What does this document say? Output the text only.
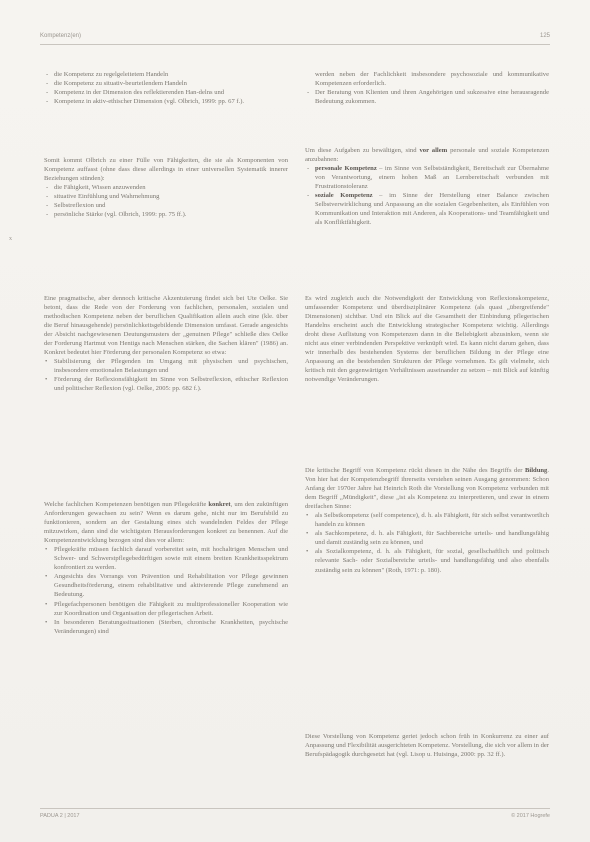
Kompetenz(en)	125
x
- die Kompetenz zu regelgeleitetem Handeln
- die Kompetenz zu situativ-beurteilendem Handeln
- Kompetenz in der Dimension des reflektierenden Han-delns und
- Kompetenz in aktiv-ethischer Dimension (vgl. Olbrich, 1999: pp. 67 f.).

Somit kommt Olbrich zu einer Fülle von Fähigkeiten, die sie als Komponenten von Kompetenz auffasst (ohne dass diese allerdings in einer universellen Systematik innerer Beziehungen stünden):

- die Fähigkeit, Wissen anzuwenden
- situative Einfühlung und Wahrnehmung
- Selbstreflexion und
- persönliche Stärke (vgl. Olbrich, 1999: pp. 75 ff.).

Eine pragmatische, aber dennoch kritische Akzentuierung findet sich bei Ute Oelke. Sie betont, dass die Rede von der Forderung von fachlichen, personalen, sozialen und methodischen Kompetenz neben der beruflichen Qualifikation allein auch eine (kle. über die Beruf hinausgehende) persönlichkeitsgebildende Dimension umfasst. Gerade angesichts der Absicht nachgewiesenen Deutungsmusters der „genuinen Pflege" schließe dies Oelke der Forderung Hartmut von Hentigs nach Menschen stärken, die Sachen klären" (1986) an. Konkret bedeutet hier Förderung der personalen Kompetenz so etwa:

• Stabilisierung der Pflegenden im Umgang mit physischen und psychischen, insbesondere emotionalen Belastungen und
• Förderung der Reflexionsfähigkeit im Sinne von Selbstreflexion, ethischer Reflexion und politischer Reflexion (vgl. Oelke, 2005: pp. 682 f.).

Welche fachlichen Kompetenzen benötigen nun Pflegekräfte konkret, um den zukünftigen Anforderungen gewachsen zu sein? Wenn es darum gehe, nicht nur im Berufsbild zu funktionieren, sondern an der Gestaltung eines sich wandelnden Feldes der Pflege mitzuwirken, dann sind die wichtigsten Herausforderungen konkret zu benennen. Auf die Kompetenzentwicklung bezogen sind dies vor allem:

• Pflegekräfte müssen fachlich darauf vorbereitet sein, mit hochaltrigen Menschen und Schwer- und Schwerstpflegebedürftigen sowie mit einem breiten Krankheitsspektrum konfrontiert zu werden.
• Angesichts des Vorrangs von Prävention und Rehabilitation vor Pflege gewinnen Gesundheitsförderung, einem rehabilitative und aktivierende Pflege zunehmend an Bedeutung.
• Pflegefachpersonen benötigen die Fähigkeit zu multiprofessioneller Kooperation wie zur Koordination und Organisation der pflegerischen Arbeit.
• In besonderen Beratungssituationen (Sterben, chronische Krankheiten, psychische Veränderungen) sind

werden neben der Fachlichkeit insbesondere psychosoziale und kommunikative Kompetenzen erforderlich.

- Der Beratung von Klienten und ihren Angehörigen und sukzessive eine herausragende Bedeutung zukommen.

Um diese Aufgaben zu bewältigen, sind vor allem personale und soziale Kompetenzen anzubahnen:

- personale Kompetenz – im Sinne von Selbstständigkeit, Bereitschaft zur Übernahme von Verantwortung, einem hohen Maß an Lernbereitschaft verbunden mit Frustrationstoleranz
- soziale Kompetenz – im Sinne der Herstellung einer Balance zwischen Selbstverwirklichung und Anpassung an die sozialen Gegebenheiten, als Einfühlen von Kommunikation und Interaktion mit Anderen, als Kooperations- und Teamfähigkeit und als Konfliktfähigkeit.

Es wird zugleich auch die Notwendigkeit der Entwicklung von Reflexionskompetenz, umfassender Kompetenz und überdisziplinärer Kompetenz (als quasi „übergreifende" Dimensionen) sichtbar. Und ein Blick auf die Gesamtheit der Einbindung pflegerischen Handelns erscheint auch die Entwicklung strategischer Kompetenz wichtig. Allerdings droht diese Auflistung von Kompetenzen dann in die Beliebigkeit abzusinken, wenn sie nicht aus einer verbindenden Perspektive verknüpft wird. Es kann nicht darum gehen, dass wir innerhalb des bestehenden Systems der beruflichen Bildung in der Pflege eine Anpassung an die bestehenden Strukturen der Pflege vornehmen. Es gilt vielmehr, sich kritisch mit den gegenwärtigen Verhältnissen auseinander zu setzen – mit Blick auf künftig notwendige Veränderungen.

Die kritische Begriff von Kompetenz rückt diesen in die Nähe des Begriffs der Bildung. Von hier hat der Kompetenzbegriff ihrerseits verstehen seinen Ausgang genommen: Schon Anfang der 1970er Jahre hat Heinrich Roth die Vorstellung von Kompetenz verbunden mit dem Begriff „Mündigkeit", diese „ist als Kompetenz zu interpretieren, und zwar in einem dreifachen Sinne:

• als Selbstkompetenz (self competence), d. h. als Fähigkeit, für sich selbst verantwortlich handeln zu können
• als Sachkompetenz, d. h. als Fähigkeit, für Sachbereiche urteils- und handlungsfähig und damit zuständig sein zu können, und
• als Sozialkompetenz, d. h. als Fähigkeit, für sozial, gesellschaftlich und politisch relevante Sach- oder Sozialbereiche urteils- und handlungsfähig und also ebenfalls zuständig sein zu können" (Roth, 1971: p. 180).

Diese Vorstellung von Kompetenz geriet jedoch schon früh in Konkurrenz zu einer auf Anpassung und Flexibilität ausgerichteten Kompetenz. Vorstellung, die sich vor allem in der Berufspädagogik durchgesetzt hat (vgl. Lisop u. Huisinga, 2000: pp. 32 ff.).

PADUA 2 | 2017	© 2017 Hogrefe
